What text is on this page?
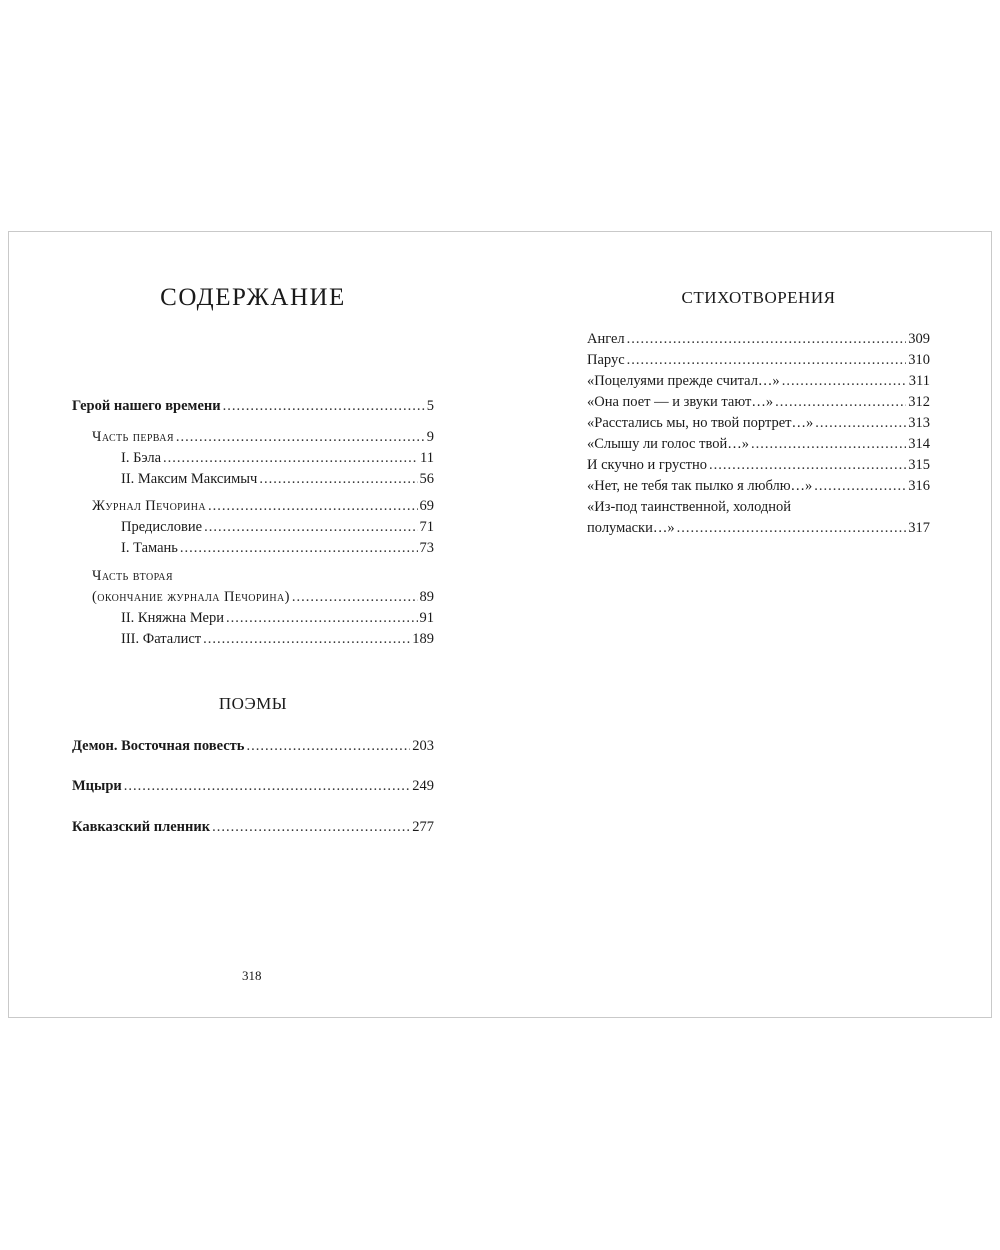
СОДЕРЖАНИЕ
Герой нашего времени .....	5
Часть первая .....	9
I. Бэла .....	11
II. Максим Максимыч .....	56
Журнал Печорина .....	69
Предисловие .....	71
I. Тамань .....	73
Часть вторая
(окончание журнала Печорина) .....	89
II. Княжна Мери .....	91
III. Фаталист .....	189
ПОЭМЫ
Демон. Восточная повесть .....	203
Мцыри .....	249
Кавказский пленник .....	277
318
СТИХОТВОРЕНИЯ
Ангел .....	309
Парус .....	310
«Поцелуями прежде считал…» .....	311
«Она поет — и звуки тают…» .....	312
«Расстались мы, но твой портрет…» .....	313
«Слышу ли голос твой…» .....	314
И скучно и грустно .....	315
«Нет, не тебя так пылко я люблю…» .....	316
«Из-под таинственной, холодной
полумаски…» .....	317
